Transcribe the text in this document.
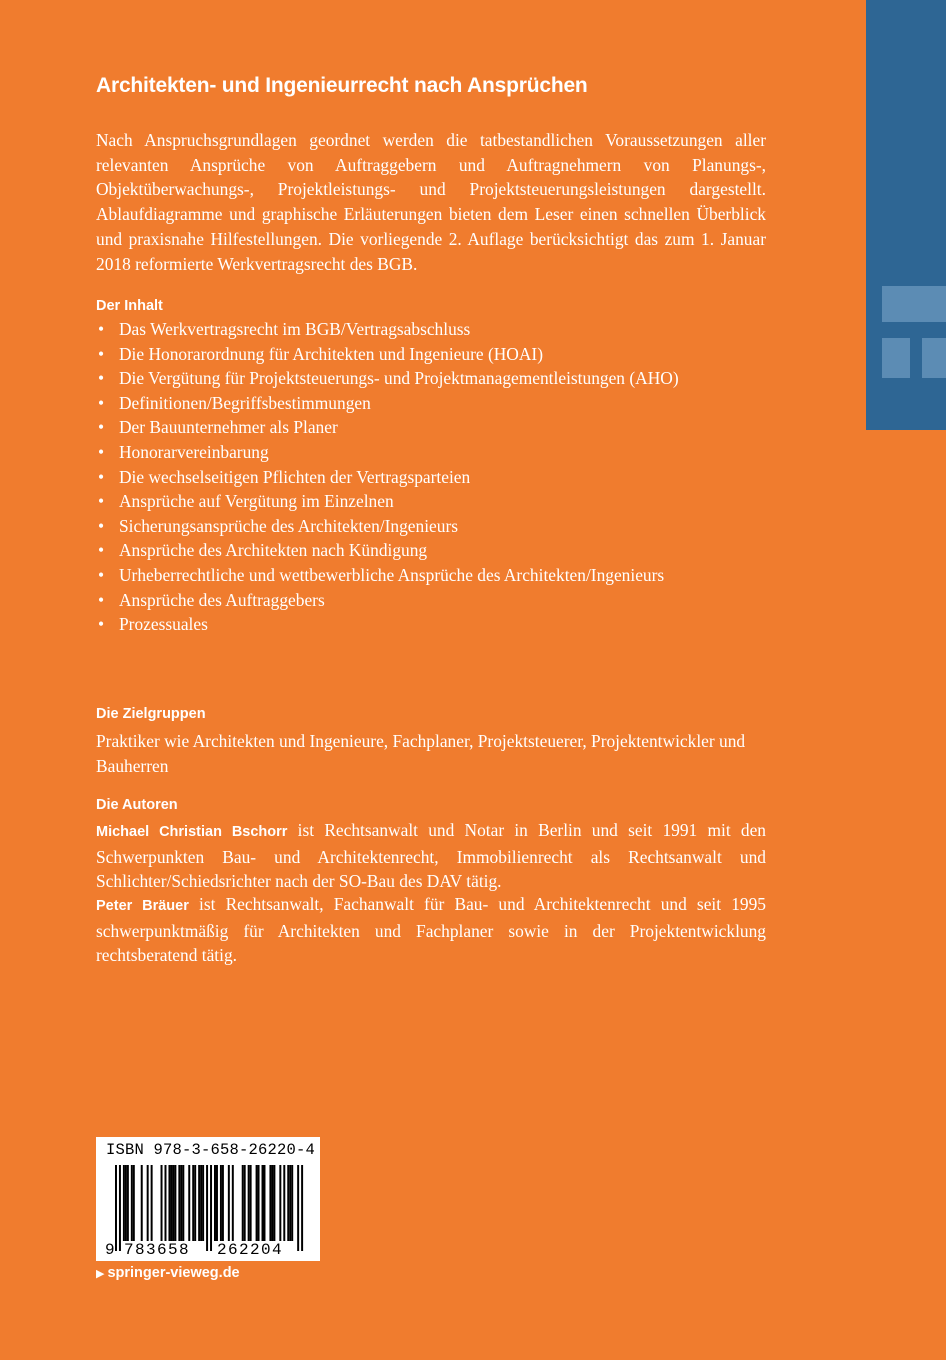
Architekten- und Ingenieurrecht nach Ansprüchen

Nach Anspruchsgrundlagen geordnet werden die tatbestandlichen Voraussetzungen aller relevanten Ansprüche von Auftraggebern und Auftragnehmern von Planungs-, Objektüberwachungs-, Projektleistungs- und Projektsteuerungsleistungen dargestellt. Ablaufdiagramme und graphische Erläuterungen bieten dem Leser einen schnellen Überblick und praxisnahe Hilfestellungen. Die vorliegende 2. Auflage berücksichtigt das zum 1. Januar 2018 reformierte Werkvertragsrecht des BGB.

Der Inhalt
• Das Werkvertragsrecht im BGB/Vertragsabschluss
• Die Honorarordnung für Architekten und Ingenieure (HOAI)
• Die Vergütung für Projektsteuerungs- und Projektmanagementleistungen (AHO)
• Definitionen/Begriffsbestimmungen
• Der Bauunternehmer als Planer
• Honorarvereinbarung
• Die wechselseitigen Pflichten der Vertragsparteien
• Ansprüche auf Vergütung im Einzelnen
• Sicherungsansprüche des Architekten/Ingenieurs
• Ansprüche des Architekten nach Kündigung
• Urheberrechtliche und wettbewerbliche Ansprüche des Architekten/Ingenieurs
• Ansprüche des Auftraggebers
• Prozessuales
Die Zielgruppen

Praktiker wie Architekten und Ingenieure, Fachplaner, Projektsteuerer, Projektentwickler und Bauherren

Die Autoren

Michael Christian Bschorr ist Rechtsanwalt und Notar in Berlin und seit 1991 mit den Schwerpunkten Bau- und Architektenrecht, Immobilienrecht als Rechtsanwalt und Schlichter/Schiedsrichter nach der SO-Bau des DAV tätig.

Peter Bräuer ist Rechtsanwalt, Fachanwalt für Bau- und Architektenrecht und seit 1995 schwerpunktmäßig für Architekten und Fachplaner sowie in der Projektentwicklung rechtsberatend tätig.

ISBN 978-3-658-26220-4

9 783658 262204

▶ springer-vieweg.de
